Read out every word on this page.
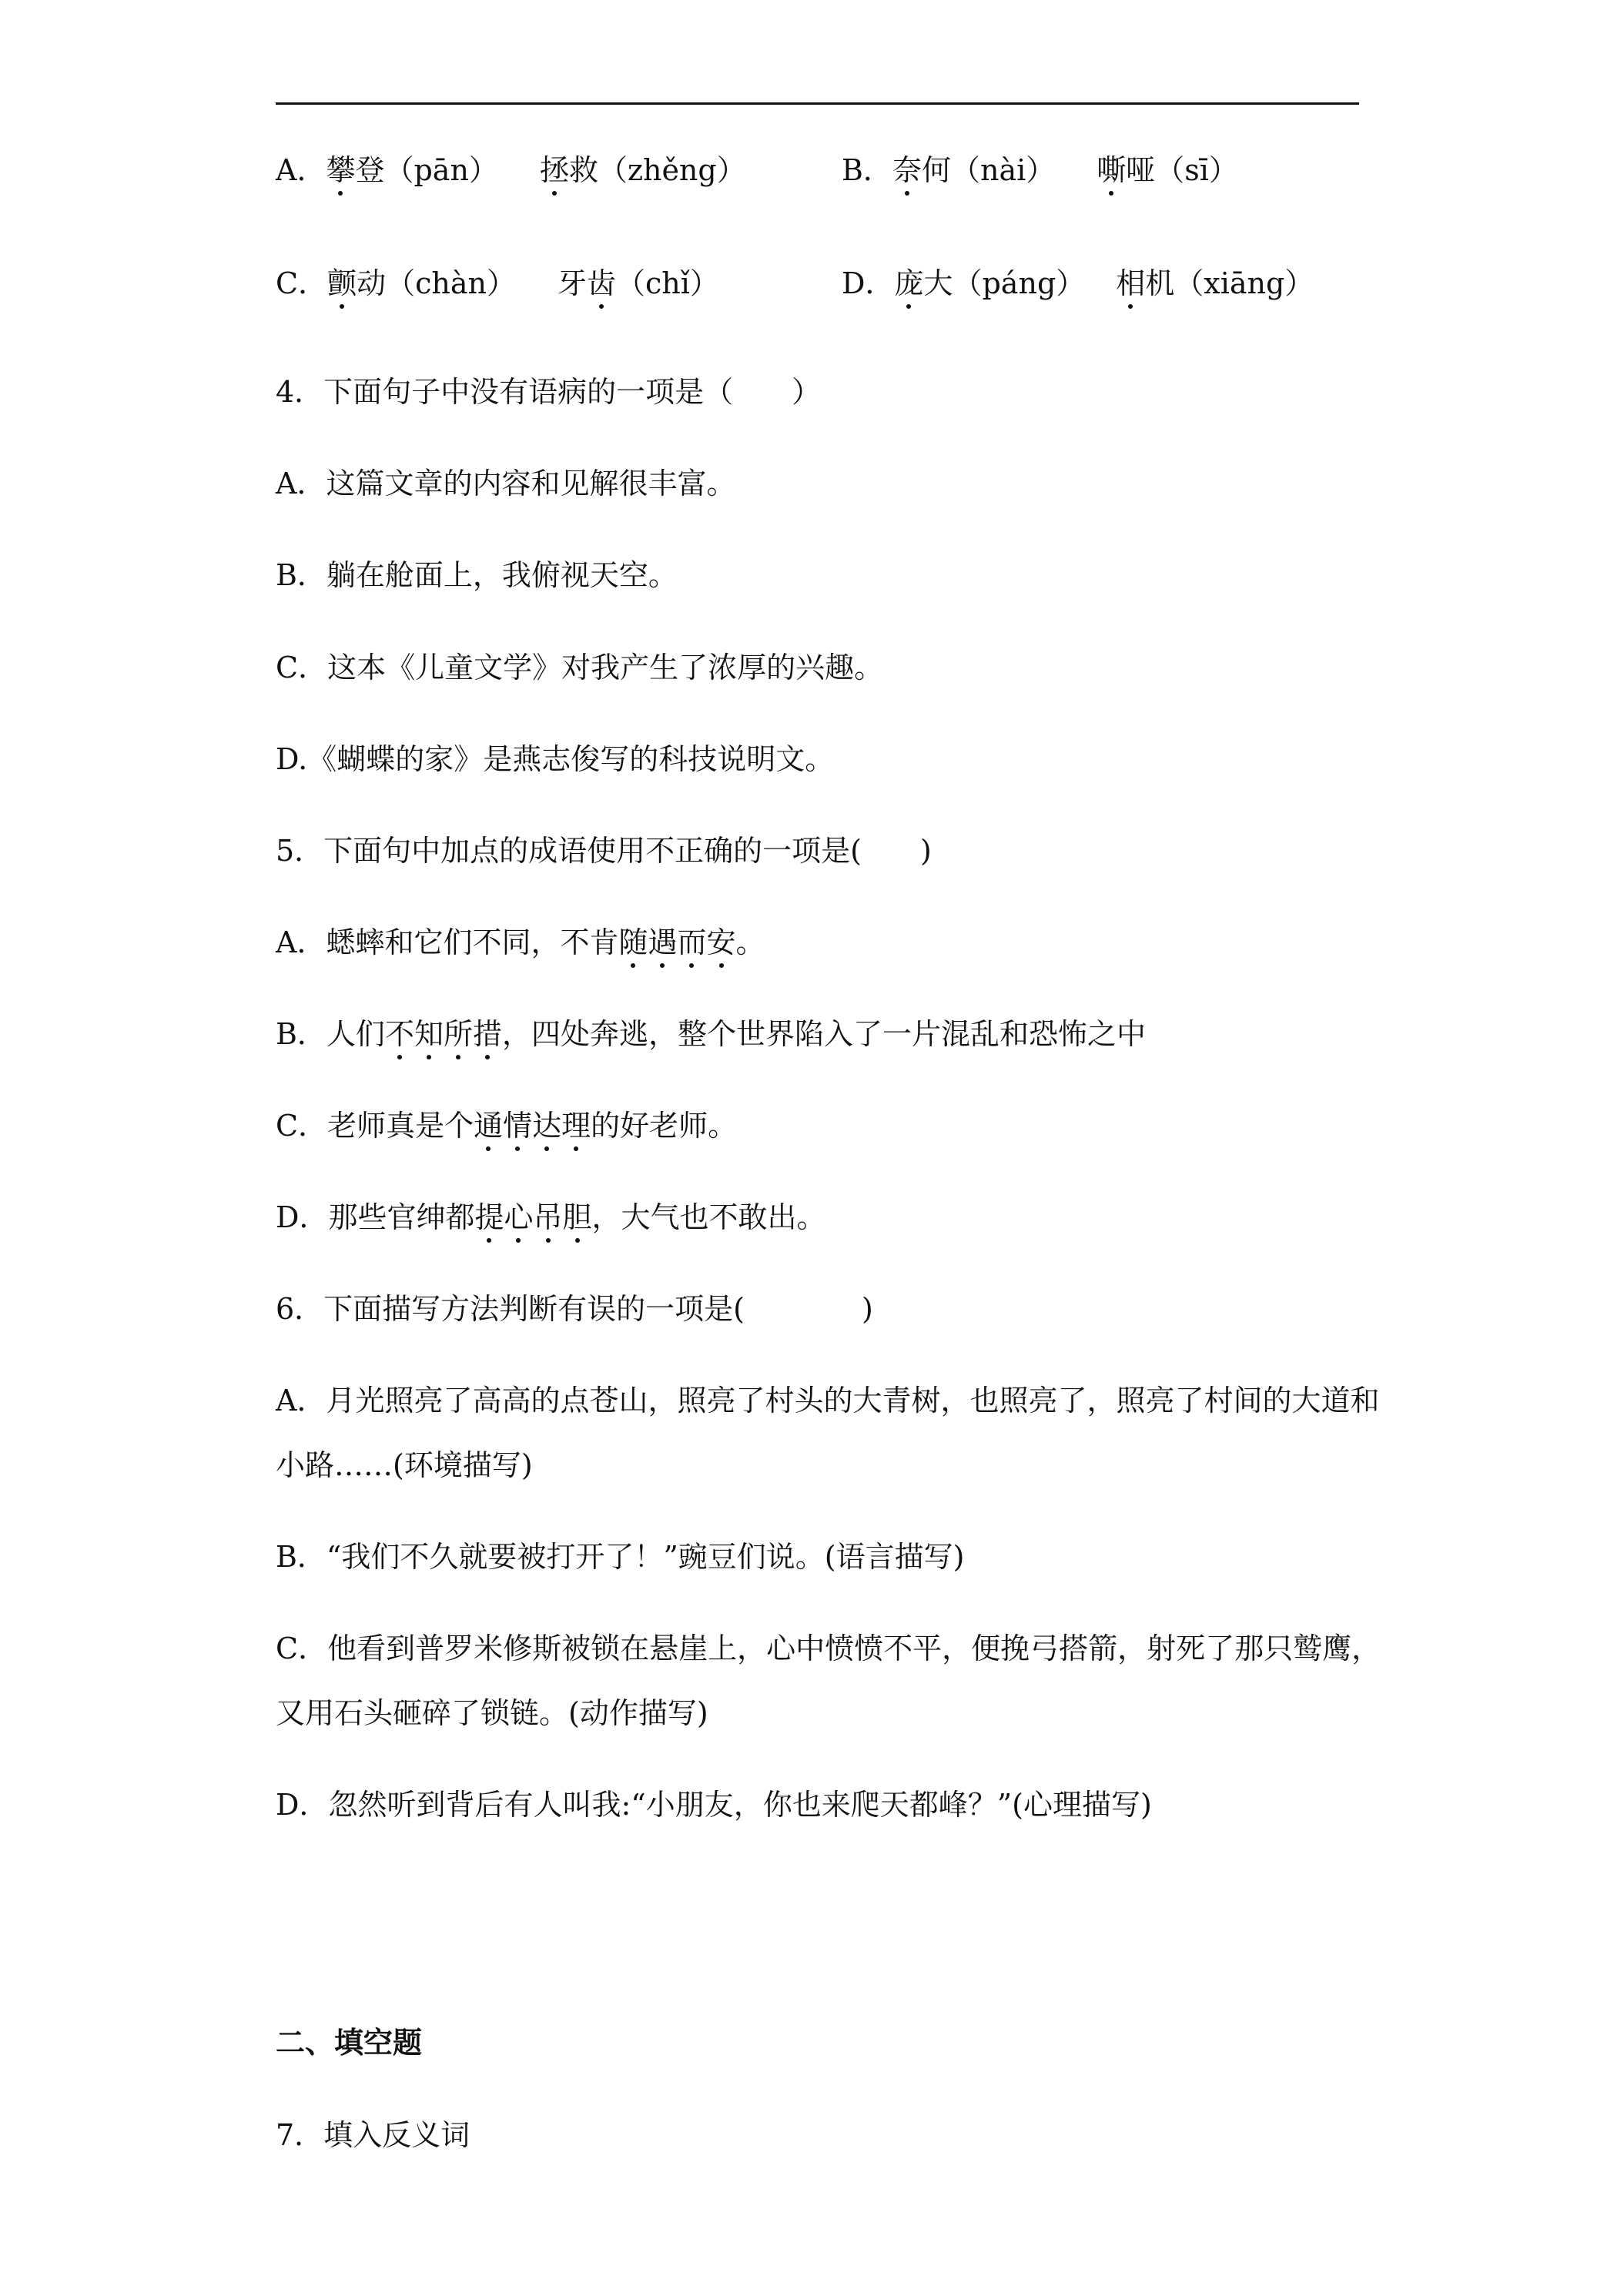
A．攀登（pān） 拯救（zhěng）	B．奈何（nài） 嘶哑（sī）
C．颤动（chàn） 牙齿（chǐ）	D．庞大（páng） 相机（xiāng）
4．下面句子中没有语病的一项是（　　）
A．这篇文章的内容和见解很丰富。
B．躺在舱面上，我俯视天空。
C．这本《儿童文学》对我产生了浓厚的兴趣。
D.《蝴蝶的家》是燕志俊写的科技说明文。
5．下面句中加点的成语使用不正确的一项是(　　)
A．蟋蟀和它们不同，不肯随遇而安。
B．人们不知所措，四处奔逃，整个世界陷入了一片混乱和恐怖之中
C．老师真是个通情达理的好老师。
D．那些官绅都提心吊胆，大气也不敢出。
6．下面描写方法判断有误的一项是(　　　　)
A．月光照亮了高高的点苍山，照亮了村头的大青树，也照亮了，照亮了村间的大道和
小路……(环境描写)
B．“我们不久就要被打开了！”豌豆们说。(语言描写)
C．他看到普罗米修斯被锁在悬崖上，心中愤愤不平，便挽弓搭箭，射死了那只鹫鹰，
又用石头砸碎了锁链。(动作描写)
D．忽然听到背后有人叫我:“小朋友，你也来爬天都峰？”(心理描写)
二、填空题
7．填入反义词
